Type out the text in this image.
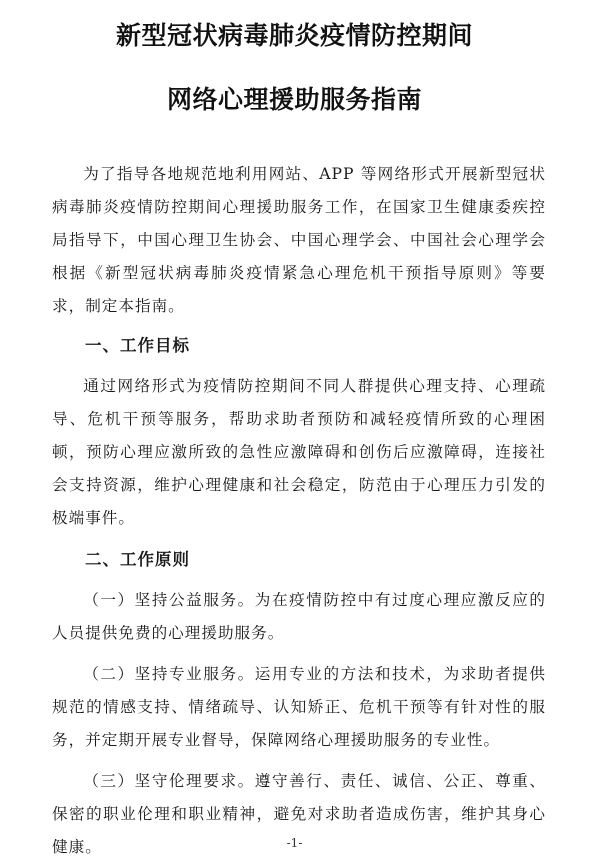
新型冠状病毒肺炎疫情防控期间
网络心理援助服务指南

为了指导各地规范地利用网站、APP 等网络形式开展新型冠状病毒肺炎疫情防控期间心理援助服务工作，在国家卫生健康委疾控局指导下，中国心理卫生协会、中国心理学会、中国社会心理学会根据《新型冠状病毒肺炎疫情紧急心理危机干预指导原则》等要求，制定本指南。

一、工作目标

通过网络形式为疫情防控期间不同人群提供心理支持、心理疏导、危机干预等服务，帮助求助者预防和减轻疫情所致的心理困顿，预防心理应激所致的急性应激障碍和创伤后应激障碍，连接社会支持资源，维护心理健康和社会稳定，防范由于心理压力引发的极端事件。

二、工作原则

（一）坚持公益服务。为在疫情防控中有过度心理应激反应的人员提供免费的心理援助服务。

（二）坚持专业服务。运用专业的方法和技术，为求助者提供规范的情感支持、情绪疏导、认知矫正、危机干预等有针对性的服务，并定期开展专业督导，保障网络心理援助服务的专业性。

（三）坚守伦理要求。遵守善行、责任、诚信、公正、尊重、保密的职业伦理和职业精神，避免对求助者造成伤害，维护其身心健康。	-1-
